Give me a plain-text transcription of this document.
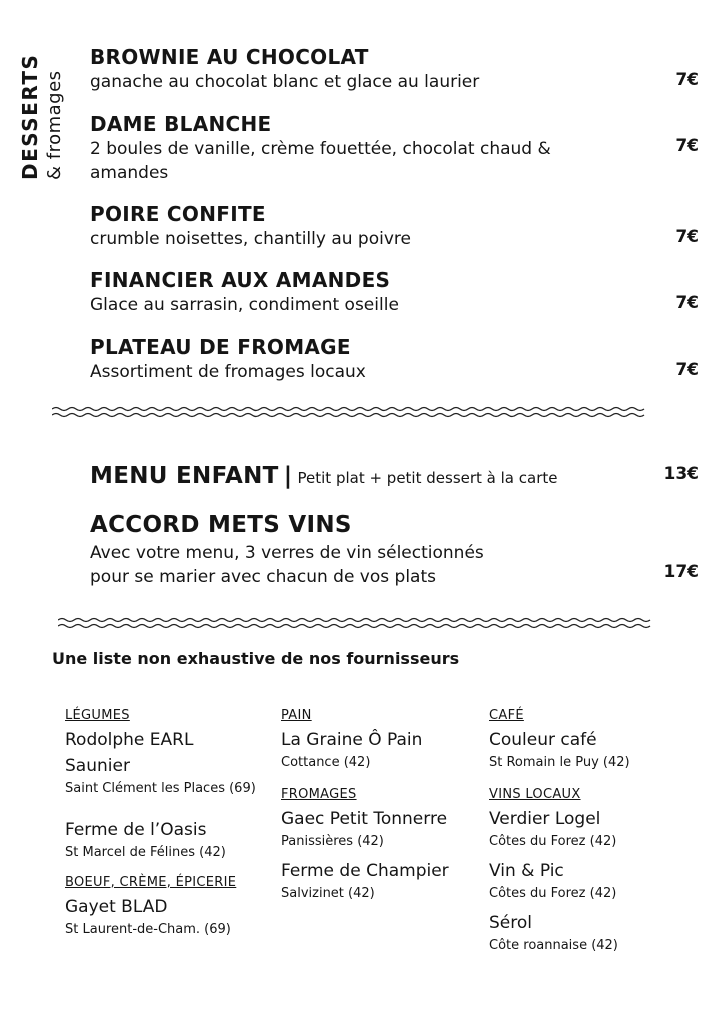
DESSERTS & fromages
BROWNIE AU CHOCOLAT
ganache au chocolat blanc et glace au laurier	7€
DAME BLANCHE
2 boules de vanille, crème fouettée, chocolat chaud & amandes
7€
POIRE CONFITE
crumble noisettes, chantilly au poivre	7€
FINANCIER AUX AMANDES
Glace au sarrasin, condiment oseille	7€
PLATEAU DE FROMAGE
Assortiment de fromages locaux	7€
MENU ENFANT | Petit plat + petit dessert à la carte	13€
ACCORD METS VINS
Avec votre menu, 3 verres de vin sélectionnés
pour se marier avec chacun de vos plats	17€
Une liste non exhaustive de nos fournisseurs
LÉGUMES
Rodolphe EARL
Saunier
Saint Clément les Places (69)
Ferme de l’Oasis
St Marcel de Félines (42)
BOEUF, CRÈME, ÉPICERIE
Gayet BLAD
St Laurent-de-Cham. (69)
PAIN
La Graine Ô Pain
Cottance (42)
FROMAGES
Gaec Petit Tonnerre
Panissières (42)
Ferme de Champier
Salvizinet (42)
CAFÉ
Couleur café
St Romain le Puy (42)
VINS LOCAUX
Verdier Logel
Côtes du Forez (42)
Vin & Pic
Côtes du Forez (42)
Sérol
Côte roannaise (42)
